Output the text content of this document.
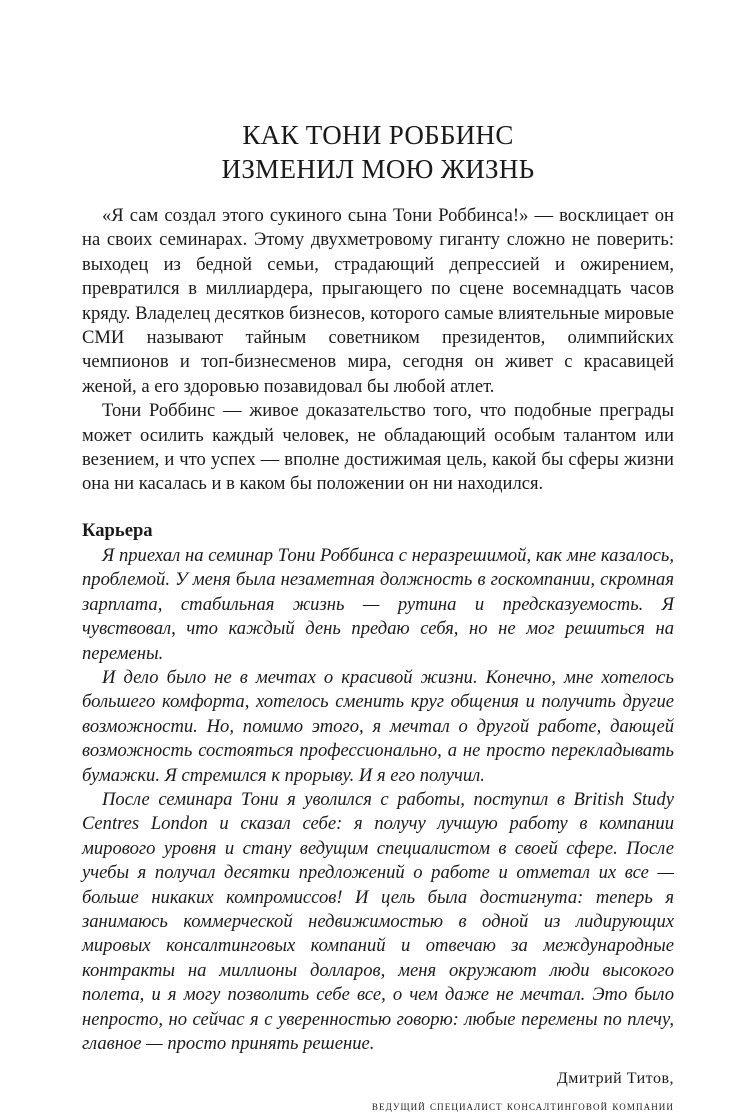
КАК ТОНИ РОББИНС
ИЗМЕНИЛ МОЮ ЖИЗНЬ

«Я сам создал этого сукиного сына Тони Роббинса!» — восклицает он на своих семинарах. Этому двухметровому гиганту сложно не поверить: выходец из бедной семьи, страдающий депрессией и ожирением, превратился в миллиардера, прыгающего по сцене восемнадцать часов кряду. Владелец десятков бизнесов, которого самые влиятельные мировые СМИ называют тайным советником президентов, олимпийских чемпионов и топ-бизнесменов мира, сегодня он живет с красавицей женой, а его здоровью позавидовал бы любой атлет.

Тони Роббинс — живое доказательство того, что подобные преграды может осилить каждый человек, не обладающий особым талантом или везением, и что успех — вполне достижимая цель, какой бы сферы жизни она ни касалась и в каком бы положении он ни находился.

Карьера

Я приехал на семинар Тони Роббинса с неразрешимой, как мне казалось, проблемой. У меня была незаметная должность в госкомпании, скромная зарплата, стабильная жизнь — рутина и предсказуемость. Я чувствовал, что каждый день предаю себя, но не мог решиться на перемены.

И дело было не в мечтах о красивой жизни. Конечно, мне хотелось большего комфорта, хотелось сменить круг общения и получить другие возможности. Но, помимо этого, я мечтал о другой работе, дающей возможность состояться профессионально, а не просто перекладывать бумажки. Я стремился к прорыву. И я его получил.

После семинара Тони я уволился с работы, поступил в British Study Centres London и сказал себе: я получу лучшую работу в компании мирового уровня и стану ведущим специалистом в своей сфере. После учебы я получал десятки предложений о работе и отметал их все — больше никаких компромиссов! И цель была достигнута: теперь я занимаюсь коммерческой недвижимостью в одной из лидирующих мировых консалтинговых компаний и отвечаю за международные контракты на миллионы долларов, меня окружают люди высокого полета, и я могу позволить себе все, о чем даже не мечтал. Это было непросто, но сейчас я с уверенностью говорю: любые перемены по плечу, главное — просто принять решение.

Дмитрий Титов,
ведущий специалист консалтинговой компании
